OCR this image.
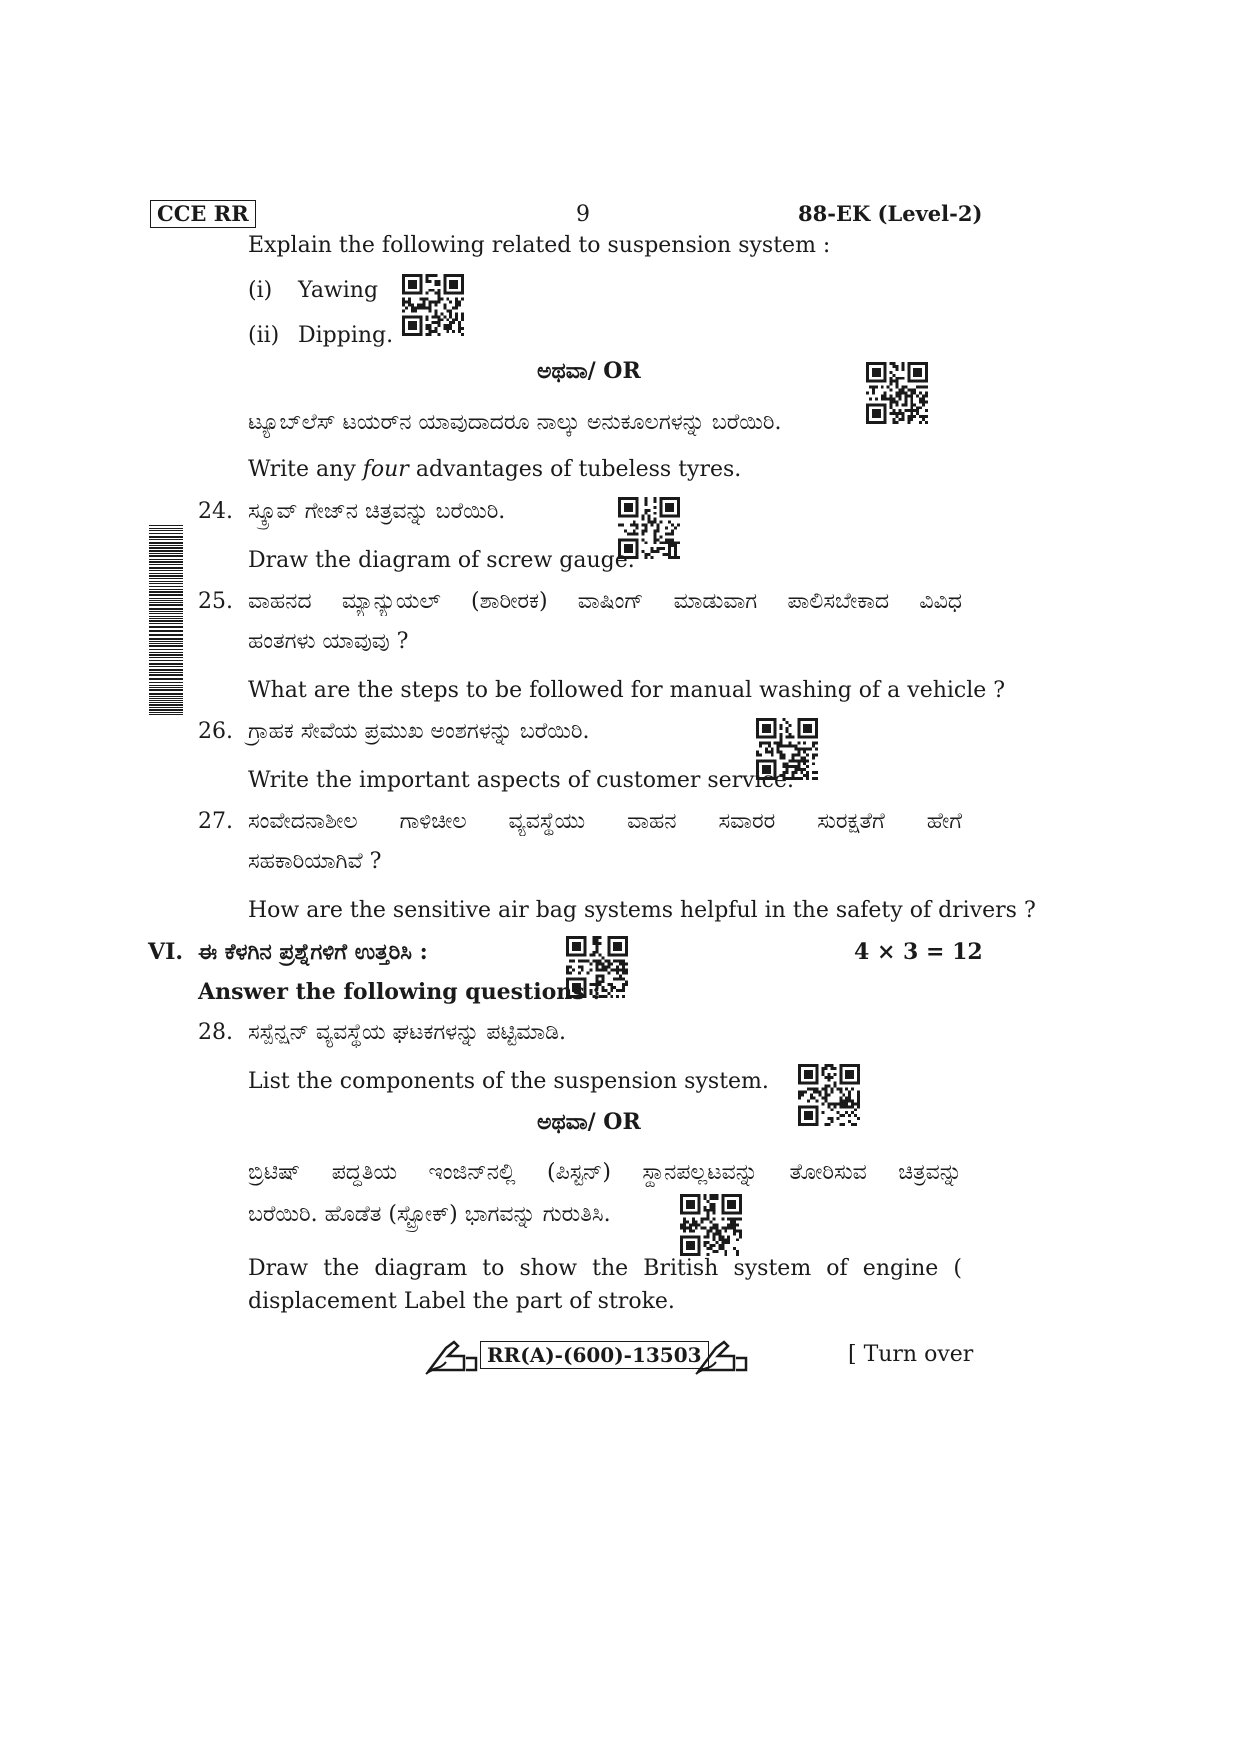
CCE RR	9	88-EK (Level-2)
Explain the following related to suspension system :
(i) Yawing
(ii) Dipping.
ಅಥವಾ/ OR
ಟ್ಯೂಬ್‌ಲೆಸ್ ಟಯರ್‌ನ ಯಾವುದಾದರೂ ನಾಲ್ಕು ಅನುಕೂಲಗಳನ್ನು ಬರೆಯಿರಿ.
Write any four advantages of tubeless tyres.
24. ಸ್ಕ್ರೂವ್ ಗೇಜ್‌ನ ಚಿತ್ರವನ್ನು ಬರೆಯಿರಿ.
Draw the diagram of screw gauge.
25. ವಾಹನದ ಮ್ಯಾನ್ಯುಯಲ್ (ಶಾರೀರಕ) ವಾಷಿಂಗ್ ಮಾಡುವಾಗ ಪಾಲಿಸಬೇಕಾದ ವಿವಿಧ
ಹಂತಗಳು ಯಾವುವು ?
What are the steps to be followed for manual washing of a vehicle ?
26. ಗ್ರಾಹಕ ಸೇವೆಯ ಪ್ರಮುಖ ಅಂಶಗಳನ್ನು ಬರೆಯಿರಿ.
Write the important aspects of customer service.
27. ಸಂವೇದನಾಶೀಲ ಗಾಳಿಚೀಲ ವ್ಯವಸ್ಥೆಯು ವಾಹನ ಸವಾರರ ಸುರಕ್ಷತೆಗೆ ಹೇಗೆ
ಸಹಕಾರಿಯಾಗಿವೆ ?
How are the sensitive air bag systems helpful in the safety of drivers ?
VI. ಈ ಕೆಳಗಿನ ಪ್ರಶ್ನೆಗಳಿಗೆ ಉತ್ತರಿಸಿ :	4 × 3 = 12
Answer the following questions :
28. ಸಸ್ಪೆನ್ಷನ್ ವ್ಯವಸ್ಥೆಯ ಘಟಕಗಳನ್ನು ಪಟ್ಟಿಮಾಡಿ.
List the components of the suspension system.
ಅಥವಾ/ OR
ಬ್ರಿಟಿಷ್ ಪದ್ಧತಿಯ ಇಂಜಿನ್‌ನಲ್ಲಿ (ಪಿಸ್ಟನ್) ಸ್ಥಾನಪಲ್ಲಟವನ್ನು ತೋರಿಸುವ ಚಿತ್ರವನ್ನು
ಬರೆಯಿರಿ. ಹೊಡೆತ (ಸ್ಟ್ರೋಕ್) ಭಾಗವನ್ನು ಗುರುತಿಸಿ.
Draw the diagram to show the British system of engine (
displacement Label the part of stroke.
RR(A)-(600)-13503	[ Turn over
